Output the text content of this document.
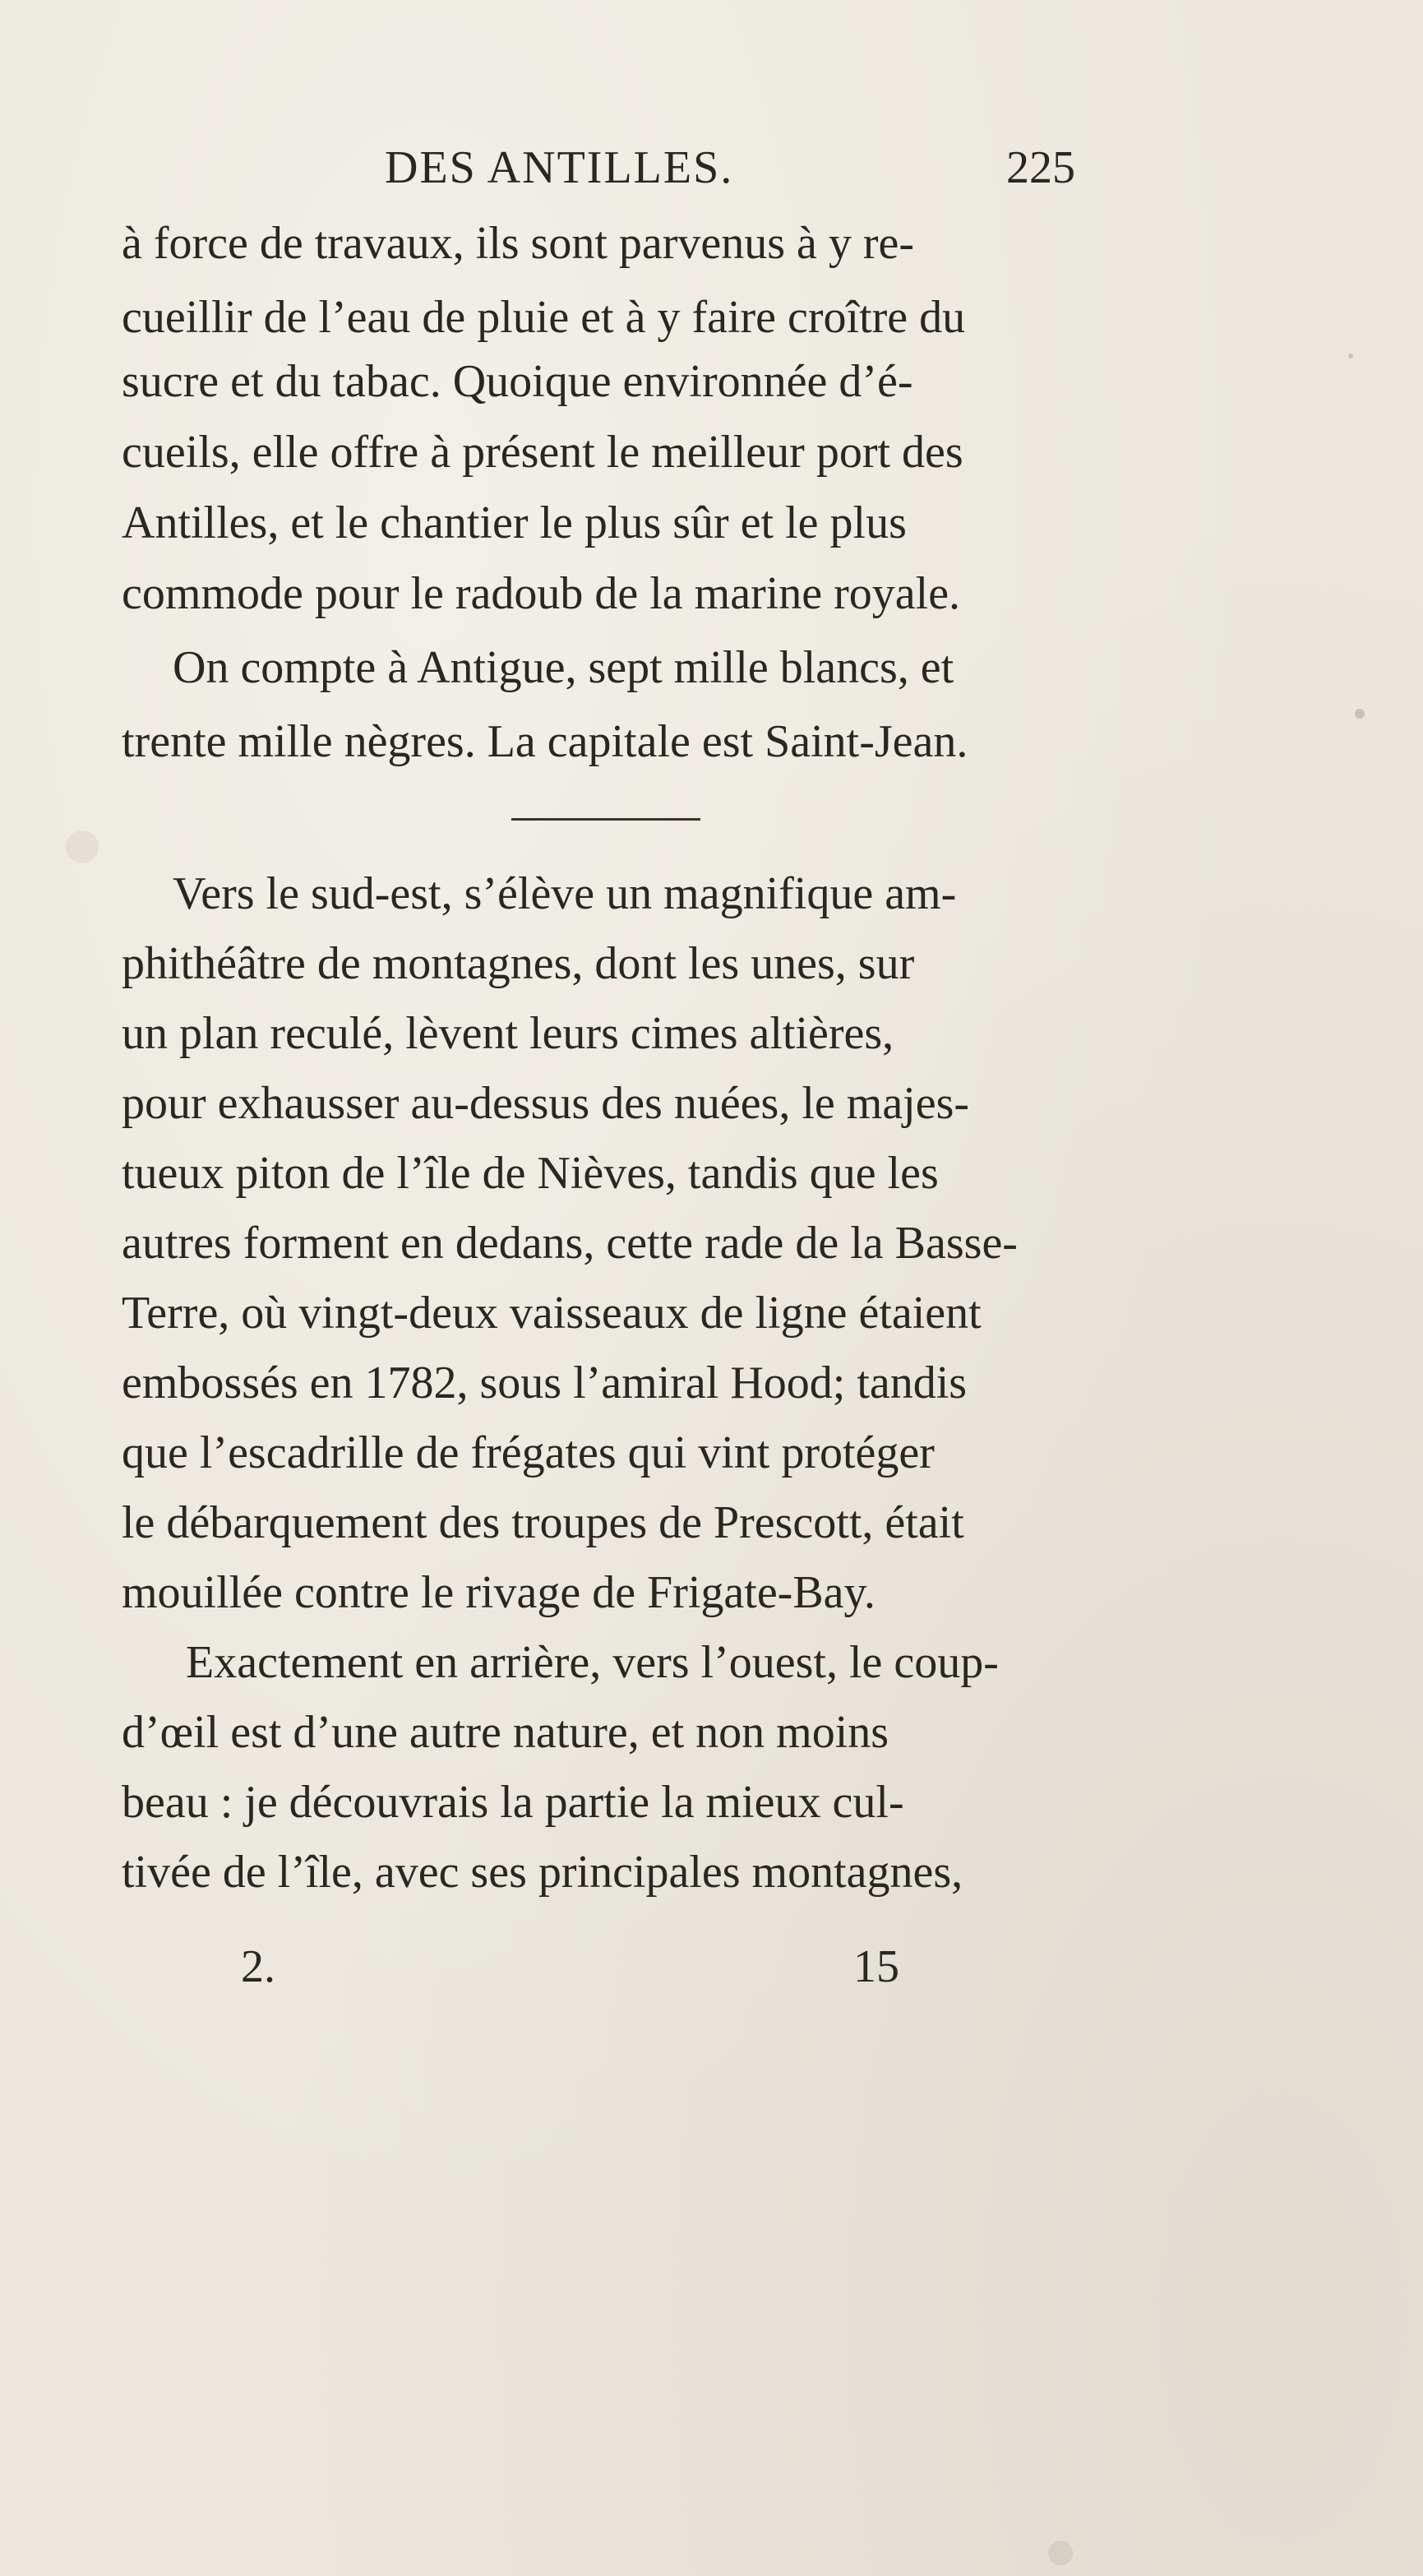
DES ANTILLES.	225
à force de travaux, ils sont parvenus à y re-
cueillir de l’eau de pluie et à y faire croître du
sucre et du tabac. Quoique environnée d’é-
cueils, elle offre à présent le meilleur port des
Antilles, et le chantier le plus sûr et le plus
commode pour le radoub de la marine royale.
On compte à Antigue, sept mille blancs, et
trente mille nègres. La capitale est Saint-Jean.
Vers le sud-est, s’élève un magnifique am-
phithéâtre de montagnes, dont les unes, sur
un plan reculé, lèvent leurs cimes altières,
pour exhausser au-dessus des nuées, le majes-
tueux piton de l’île de Nièves, tandis que les
autres forment en dedans, cette rade de la Basse-
Terre, où vingt-deux vaisseaux de ligne étaient
embossés en 1782, sous l’amiral Hood; tandis
que l’escadrille de frégates qui vint protéger
le débarquement des troupes de Prescott, était
mouillée contre le rivage de Frigate-Bay.
Exactement en arrière, vers l’ouest, le coup-
d’œil est d’une autre nature, et non moins
beau : je découvrais la partie la mieux cul-
tivée de l’île, avec ses principales montagnes,
2.	15
